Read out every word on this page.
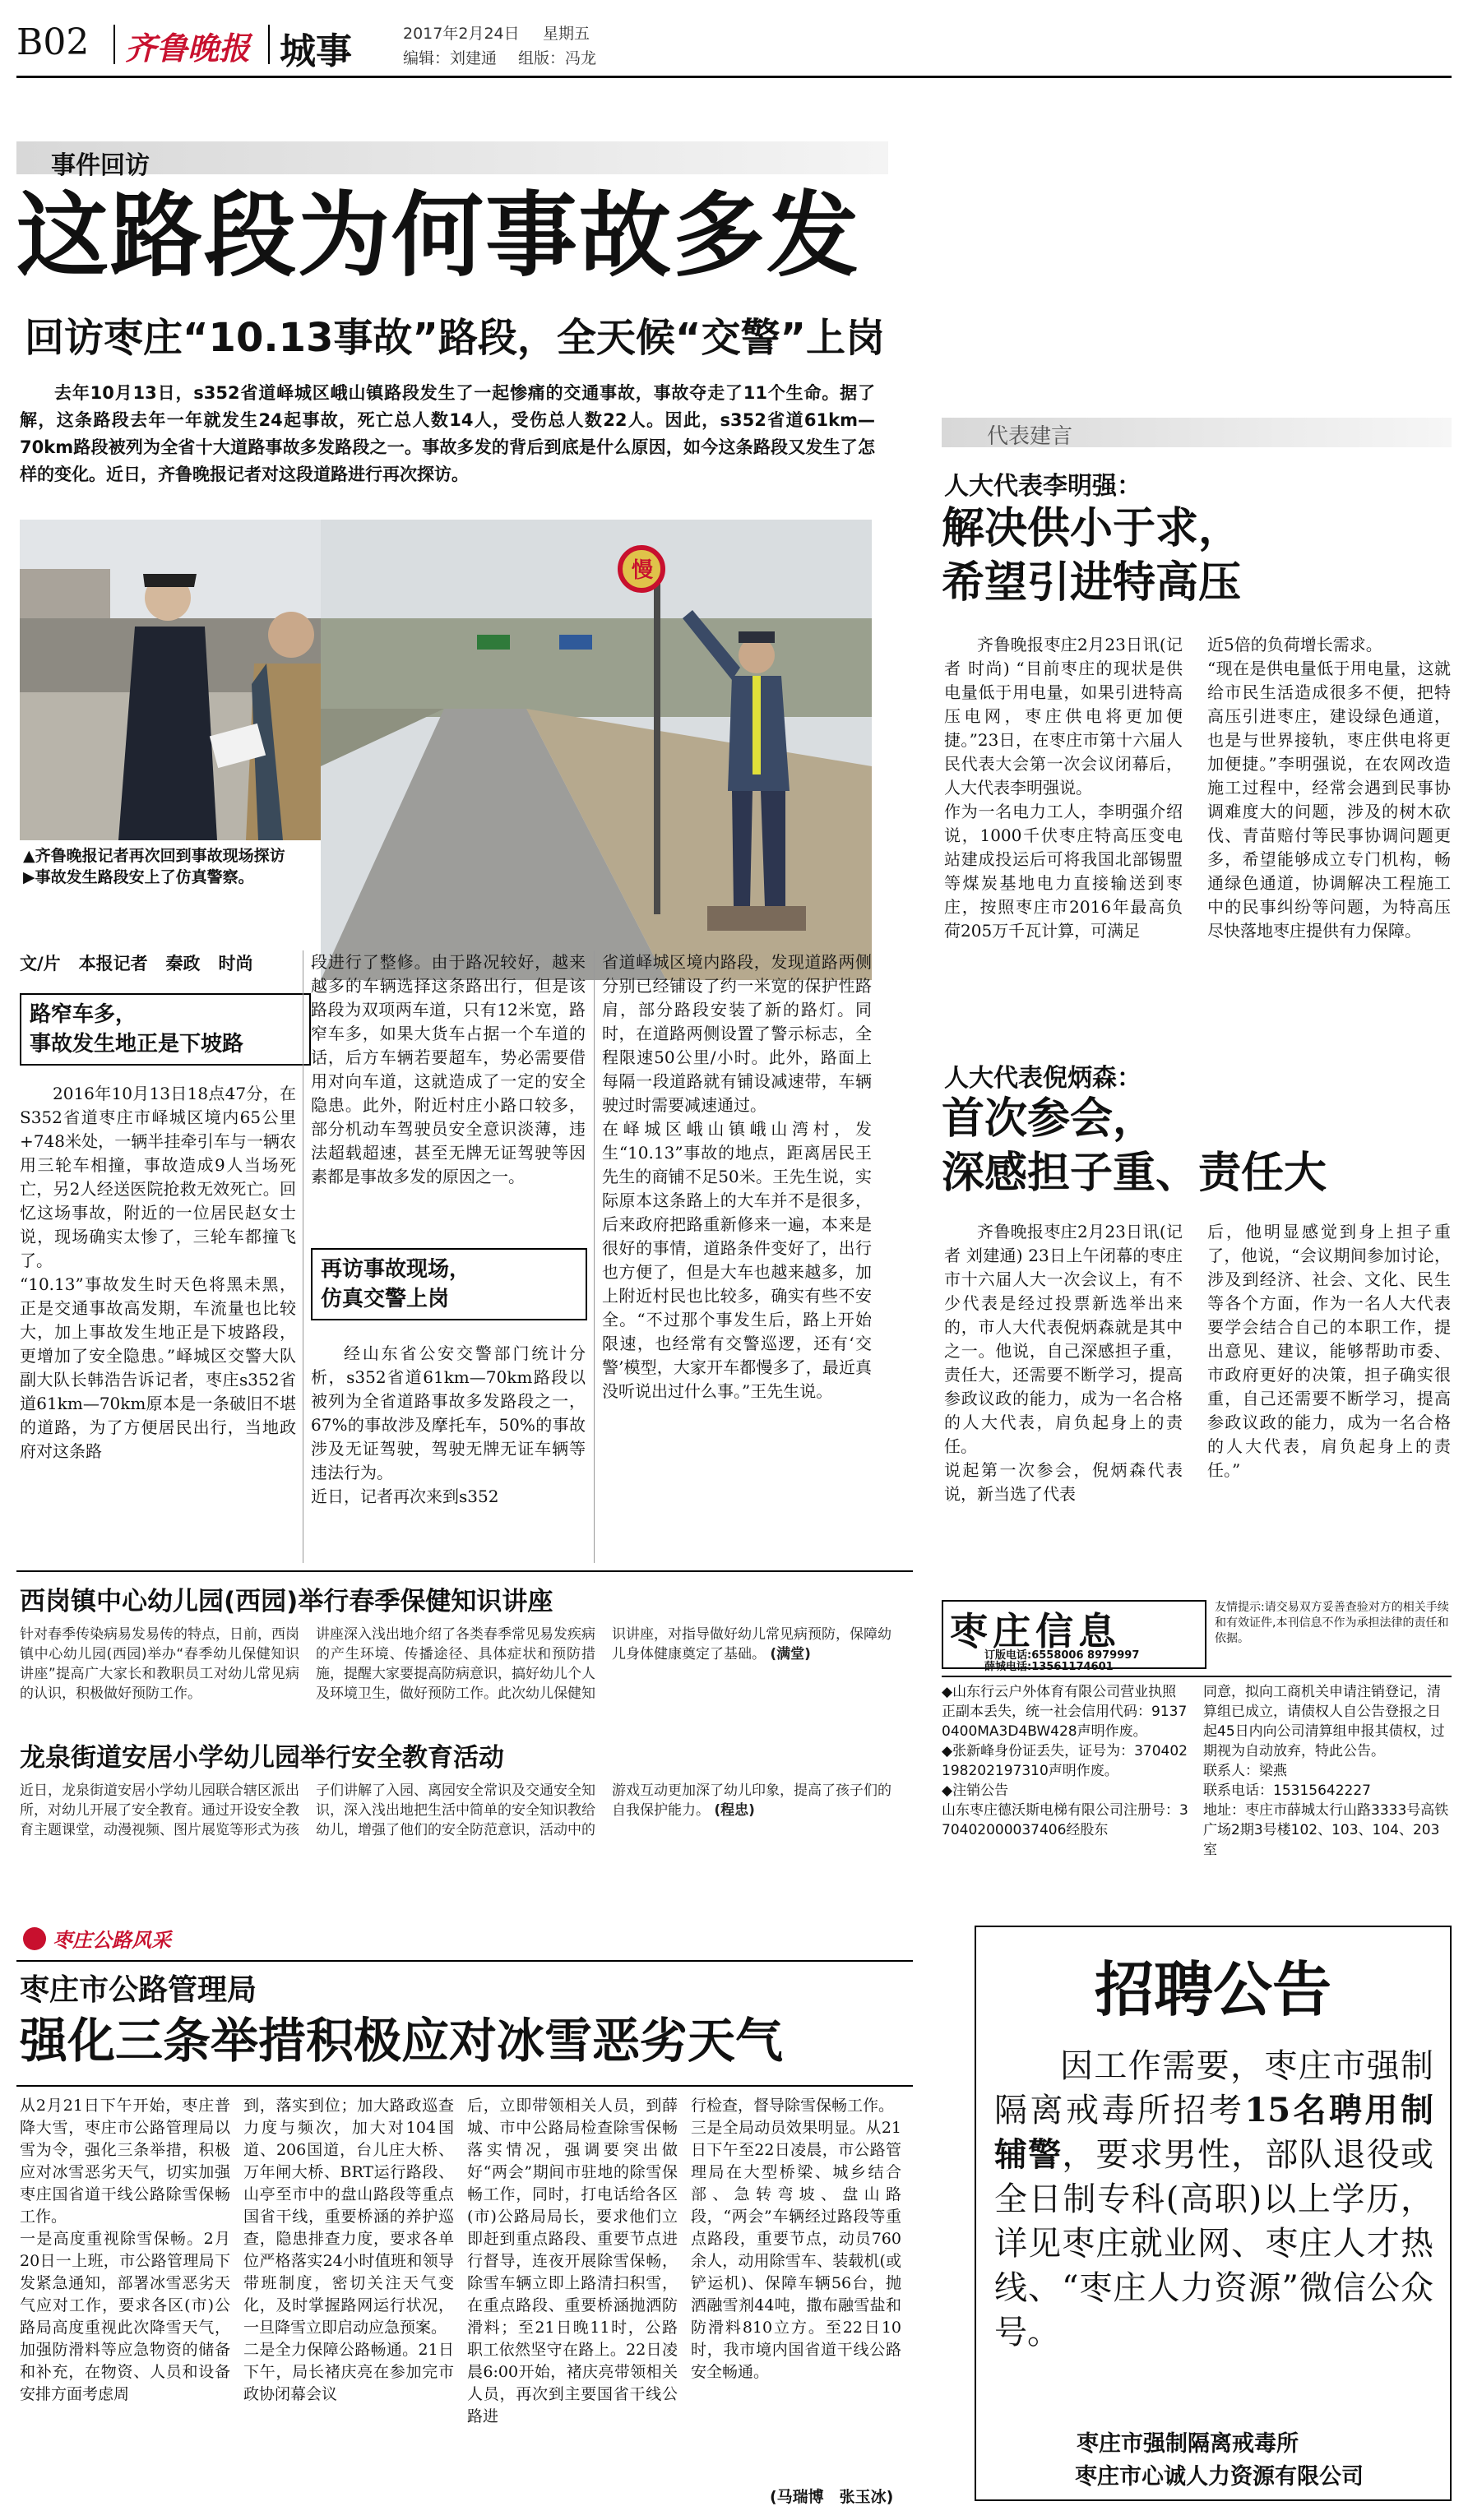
B02 齐鲁晚报 城事	2017年2月24日 星期五
编辑：刘建通 组版：冯龙
事件回访
这路段为何事故多发
回访枣庄“10.13事故”路段，全天候“交警”上岗

去年10月13日，s352省道峄城区峨山镇路段发生了一起惨痛的交通事故，事故夺走了11个生命。据了解，这条路段去年一年就发生24起事故，死亡总人数14人，受伤总人数22人。因此，s352省道61km—70km路段被列为全省十大道路事故多发路段之一。事故多发的背后到底是什么原因，如今这条路段又发生了怎样的变化。近日，齐鲁晚报记者对这段道路进行再次探访。

慢

▲齐鲁晚报记者再次回到事故现场探访

▶事故发生路段安上了仿真警察。

文/片   本报记者   秦政   时尚
路窄车多，
事故发生地正是下坡路
2016年10月13日18点47分，在S352省道枣庄市峄城区境内65公里+748米处，一辆半挂牵引车与一辆农用三轮车相撞，事故造成9人当场死亡，另2人经送医院抢救无效死亡。回忆这场事故，附近的一位居民赵女士说，现场确实太惨了，三轮车都撞飞了。
“10.13”事故发生时天色将黑未黑，正是交通事故高发期，车流量也比较大，加上事故发生地正是下坡路段，更增加了安全隐患。”峄城区交警大队副大队长韩浩告诉记者，枣庄s352省道61km—70km原本是一条破旧不堪的道路，为了方便居民出行，当地政府对这条路
段进行了整修。由于路况较好，越来越多的车辆选择这条路出行，但是该路段为双项两车道，只有12米宽，路窄车多，如果大货车占据一个车道的话，后方车辆若要超车，势必需要借用对向车道，这就造成了一定的安全隐患。此外，附近村庄小路口较多，部分机动车驾驶员安全意识淡薄，违法超载超速，甚至无牌无证驾驶等因素都是事故多发的原因之一。
再访事故现场，
仿真交警上岗
经山东省公安交警部门统计分析，s352省道61km—70km路段以被列为全省道路事故多发路段之一，67%的事故涉及摩托车，50%的事故涉及无证驾驶，驾驶无牌无证车辆等违法行为。
近日，记者再次来到s352
省道峄城区境内路段，发现道路两侧分别已经铺设了约一米宽的保护性路肩，部分路段安装了新的路灯。同时，在道路两侧设置了警示标志，全程限速50公里/小时。此外，路面上每隔一段道路就有铺设减速带，车辆驶过时需要减速通过。
在峄城区峨山镇峨山湾村，发生“10.13”事故的地点，距离居民王先生的商铺不足50米。王先生说，实际原本这条路上的大车并不是很多，后来政府把路重新修来一遍，本来是很好的事情，道路条件变好了，出行也方便了，但是大车也越来越多，加上附近村民也比较多，确实有些不安全。“不过那个事发生后，路上开始限速，也经常有交警巡逻，还有‘交警’模型，大家开车都慢多了，最近真没听说出过什么事。”王先生说。
代表建言
人大代表李明强：
解决供小于求，
希望引进特高压
齐鲁晚报枣庄2月23日讯(记者 时尚) “目前枣庄的现状是供电量低于用电量，如果引进特高压电网，枣庄供电将更加便捷。”23日，在枣庄市第十六届人民代表大会第一次会议闭幕后，人大代表李明强说。
作为一名电力工人，李明强介绍说，1000千伏枣庄特高压变电站建成投运后可将我国北部锡盟等煤炭基地电力直接输送到枣庄，按照枣庄市2016年最高负荷205万千瓦计算，可满足
近5倍的负荷增长需求。
“现在是供电量低于用电量，这就给市民生活造成很多不便，把特高压引进枣庄，建设绿色通道，也是与世界接轨，枣庄供电将更加便捷。”李明强说，在农网改造施工过程中，经常会遇到民事协调难度大的问题，涉及的树木砍伐、青苗赔付等民事协调问题更多，希望能够成立专门机构，畅通绿色通道，协调解决工程施工中的民事纠纷等问题，为特高压尽快落地枣庄提供有力保障。
人大代表倪炳森：
首次参会，
深感担子重、责任大
齐鲁晚报枣庄2月23日讯(记者 刘建通) 23日上午闭幕的枣庄市十六届人大一次会议上，有不少代表是经过投票新选举出来的，市人大代表倪炳森就是其中之一。他说，自己深感担子重，责任大，还需要不断学习，提高参政议政的能力，成为一名合格的人大代表，肩负起身上的责任。
说起第一次参会，倪炳森代表说，新当选了代表
后，他明显感觉到身上担子重了，他说，“会议期间参加讨论，涉及到经济、社会、文化、民生等各个方面，作为一名人大代表要学会结合自己的本职工作，提出意见、建议，能够帮助市委、市政府更好的决策，担子确实很重，自己还需要不断学习，提高参政议政的能力，成为一名合格的人大代表，肩负起身上的责任。”
西岗镇中心幼儿园(西园)举行春季保健知识讲座
针对春季传染病易发易传的特点，日前，西岗镇中心幼儿园(西园)举办“春季幼儿保健知识讲座”提高广大家长和教职员工对幼儿常见病的认识，积极做好预防工作。
讲座深入浅出地介绍了各类春季常见易发疾病的产生环境、传播途径、具体症状和预防措施，提醒大家要提高防病意识，搞好幼儿个人及环境卫生，做好预防工作。此次幼儿保健知识讲座，对指导做好幼儿常见病预防，保障幼儿身体健康奠定了基础。 (满堂)
龙泉街道安居小学幼儿园举行安全教育活动
近日，龙泉街道安居小学幼儿园联合辖区派出所，对幼儿开展了安全教育。通过开设安全教育主题课堂，动漫视频、图片展览等形式为孩子们讲解了入园、离园安全常识及交通安全知识，深入浅出地把生活中简单的安全知识教给幼儿，增强了他们的安全防范意识，活动中的游戏互动更加深了幼儿印象，提高了孩子们的自我保护能力。 (程忠)
枣庄信息
订版电话:6558006 8979997
薛城电话:13561174601

友情提示:请交易双方妥善查验对方的相关手续和有效证件,本刊信息不作为承担法律的责任和依据。

◆山东行云户外体育有限公司营业执照正副本丢失，统一社会信用代码：91370400MA3D4BW428声明作废。
◆张新峰身份证丢失，证号为：370402198202197310声明作废。
◆注销公告
山东枣庄德沃斯电梯有限公司注册号：370402000037406经股东

同意，拟向工商机关申请注销登记，清算组已成立，请债权人自公告登报之日起45日内向公司清算组申报其债权，过期视为自动放弃，特此公告。
联系人：梁燕
联系电话：15315642227
地址：枣庄市薛城太行山路3333号高铁广场2期3号楼102、103、104、203室

枣庄公路风采
枣庄市公路管理局
强化三条举措积极应对冰雪恶劣天气
从2月21日下午开始，枣庄普降大雪，枣庄市公路管理局以雪为令，强化三条举措，积极应对冰雪恶劣天气，切实加强枣庄国省道干线公路除雪保畅工作。
一是高度重视除雪保畅。2月20日一上班，市公路管理局下发紧急通知，部署冰雪恶劣天气应对工作，要求各区(市)公路局高度重视此次降雪天气，加强防滑料等应急物资的储备和补充，在物资、人员和设备安排方面考虑周
到，落实到位；加大路政巡查力度与频次，加大对104国道、206国道，台儿庄大桥、万年闸大桥、BRT运行路段、山亭至市中的盘山路段等重点国省干线，重要桥涵的养护巡查，隐患排查力度，要求各单位严格落实24小时值班和领导带班制度，密切关注天气变化，及时掌握路网运行状况，一旦降雪立即启动应急预案。
二是全力保障公路畅通。21日下午，局长褚庆亮在参加完市政协闭幕会议
后，立即带领相关人员，到薛城、市中公路局检查除雪保畅落实情况，强调要突出做好“两会”期间市驻地的除雪保畅工作，同时，打电话给各区(市)公路局局长，要求他们立即赶到重点路段、重要节点进行督导，连夜开展除雪保畅，除雪车辆立即上路清扫积雪，在重点路段、重要桥涵抛洒防滑料；至21日晚11时，公路职工依然坚守在路上。22日凌晨6:00开始，褚庆亮带领相关人员，再次到主要国省干线公路进
行检查，督导除雪保畅工作。
三是全局动员效果明显。从21日下午至22日凌晨，市公路管理局在大型桥梁、城乡结合部、急转弯坡、盘山路段，“两会”车辆经过路段等重点路段，重要节点，动员760余人，动用除雪车、装载机(或铲运机)、保障车辆56台，抛洒融雪剂44吨，撒布融雪盐和防滑料810立方。至22日10时，我市境内国省道干线公路安全畅通。
(马瑞博　张玉冰)
招聘公告

因工作需要，枣庄市强制隔离戒毒所招考15名聘用制辅警，要求男性，部队退役或全日制专科(高职)以上学历，详见枣庄就业网、枣庄人才热线、“枣庄人力资源”微信公众号。

枣庄市强制隔离戒毒所
枣庄市心诚人力资源有限公司
